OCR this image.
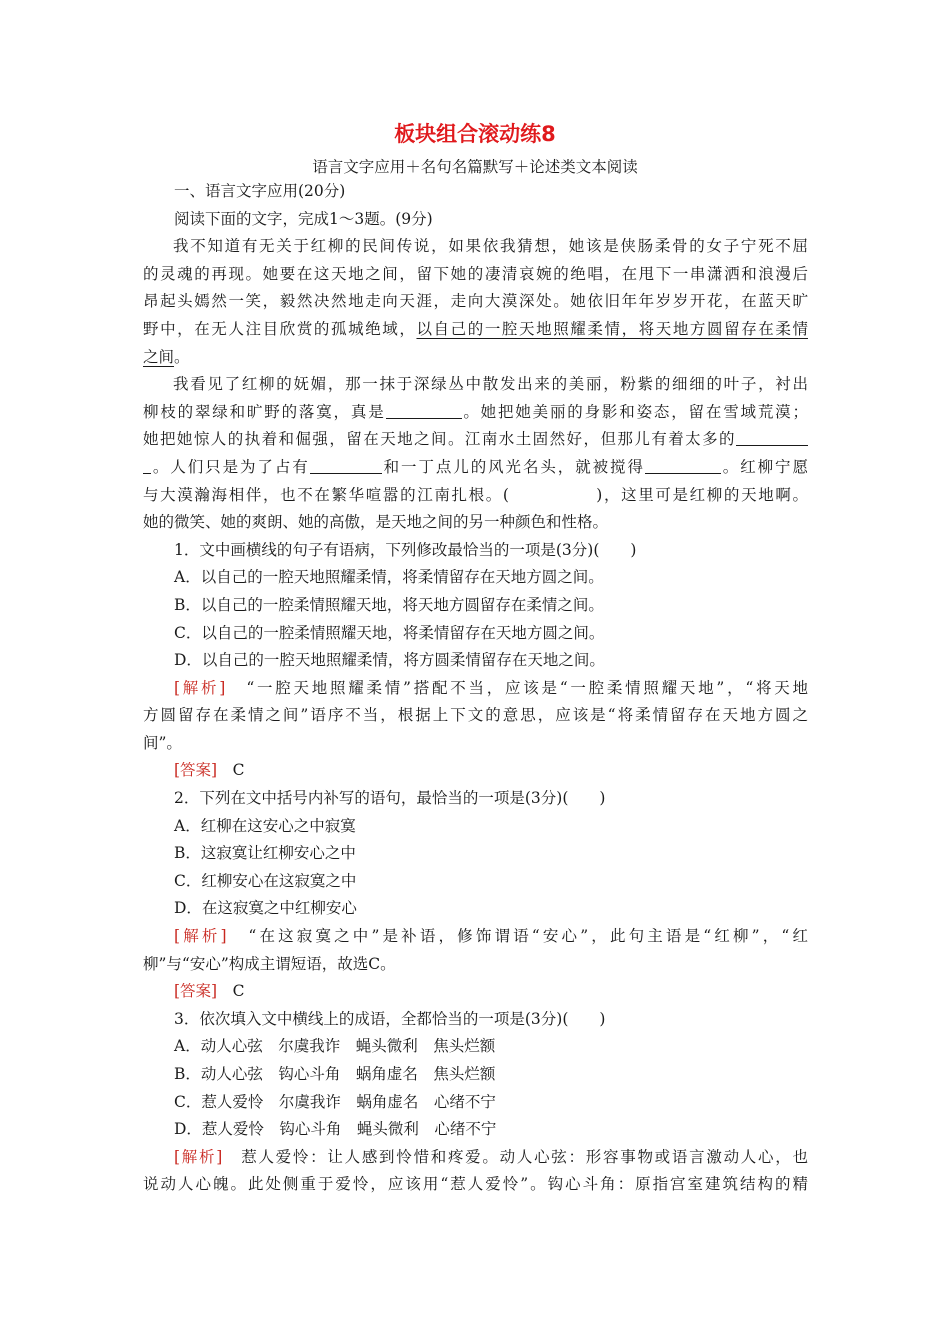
板块组合滚动练8
语言文字应用＋名句名篇默写＋论述类文本阅读
一、语言文字应用(20分)
阅读下面的文字，完成1～3题。(9分)
我不知道有无关于红柳的民间传说，如果依我猜想，她该是侠肠柔骨的女子宁死不屈
的灵魂的再现。她要在这天地之间，留下她的凄清哀婉的绝唱，在甩下一串潇洒和浪漫后
昂起头嫣然一笑，毅然决然地走向天涯，走向大漠深处。她依旧年年岁岁开花，在蓝天旷
野中，在无人注目欣赏的孤城绝域，以自己的一腔天地照耀柔情，将天地方圆留存在柔情
之间。
我看见了红柳的妩媚，那一抹于深绿丛中散发出来的美丽，粉紫的细细的叶子，衬出
柳枝的翠绿和旷野的落寞，真是	。她把她美丽的身影和姿态，留在雪域荒漠；
她把她惊人的执着和倔强，留在天地之间。江南水土固然好，但那儿有着太多的
。人们只是为了占有	和一丁点儿的风光名头，就被搅得	。红柳宁愿
与大漠瀚海相伴，也不在繁华喧嚣的江南扎根。(　　　　　)，这里可是红柳的天地啊。
她的微笑、她的爽朗、她的高傲，是天地之间的另一种颜色和性格。
1．文中画横线的句子有语病，下列修改最恰当的一项是(3分)(　　)
A．以自己的一腔天地照耀柔情，将柔情留存在天地方圆之间。
B．以自己的一腔柔情照耀天地，将天地方圆留存在柔情之间。
C．以自己的一腔柔情照耀天地，将柔情留存在天地方圆之间。
D．以自己的一腔天地照耀柔情，将方圆柔情留存在天地之间。
[解析]　“一腔天地照耀柔情”搭配不当，应该是“一腔柔情照耀天地”，“将天地
方圆留存在柔情之间”语序不当，根据上下文的意思，应该是“将柔情留存在天地方圆之
间”。
[答案]　C
2．下列在文中括号内补写的语句，最恰当的一项是(3分)(　　)
A．红柳在这安心之中寂寞
B．这寂寞让红柳安心之中
C．红柳安心在这寂寞之中
D．在这寂寞之中红柳安心
[解析]　“在这寂寞之中”是补语，修饰谓语“安心”，此句主语是“红柳”，“红
柳”与“安心”构成主谓短语，故选C。
[答案]　C
3．依次填入文中横线上的成语，全都恰当的一项是(3分)(　　)
A．动人心弦　尔虞我诈　蝇头微利　焦头烂额
B．动人心弦　钩心斗角　蜗角虚名　焦头烂额
C．惹人爱怜　尔虞我诈　蜗角虚名　心绪不宁
D．惹人爱怜　钩心斗角　蝇头微利　心绪不宁
[解析]　惹人爱怜：让人感到怜惜和疼爱。动人心弦：形容事物或语言激动人心，也
说动人心魄。此处侧重于爱怜，应该用“惹人爱怜”。钩心斗角：原指宫室建筑结构的精
